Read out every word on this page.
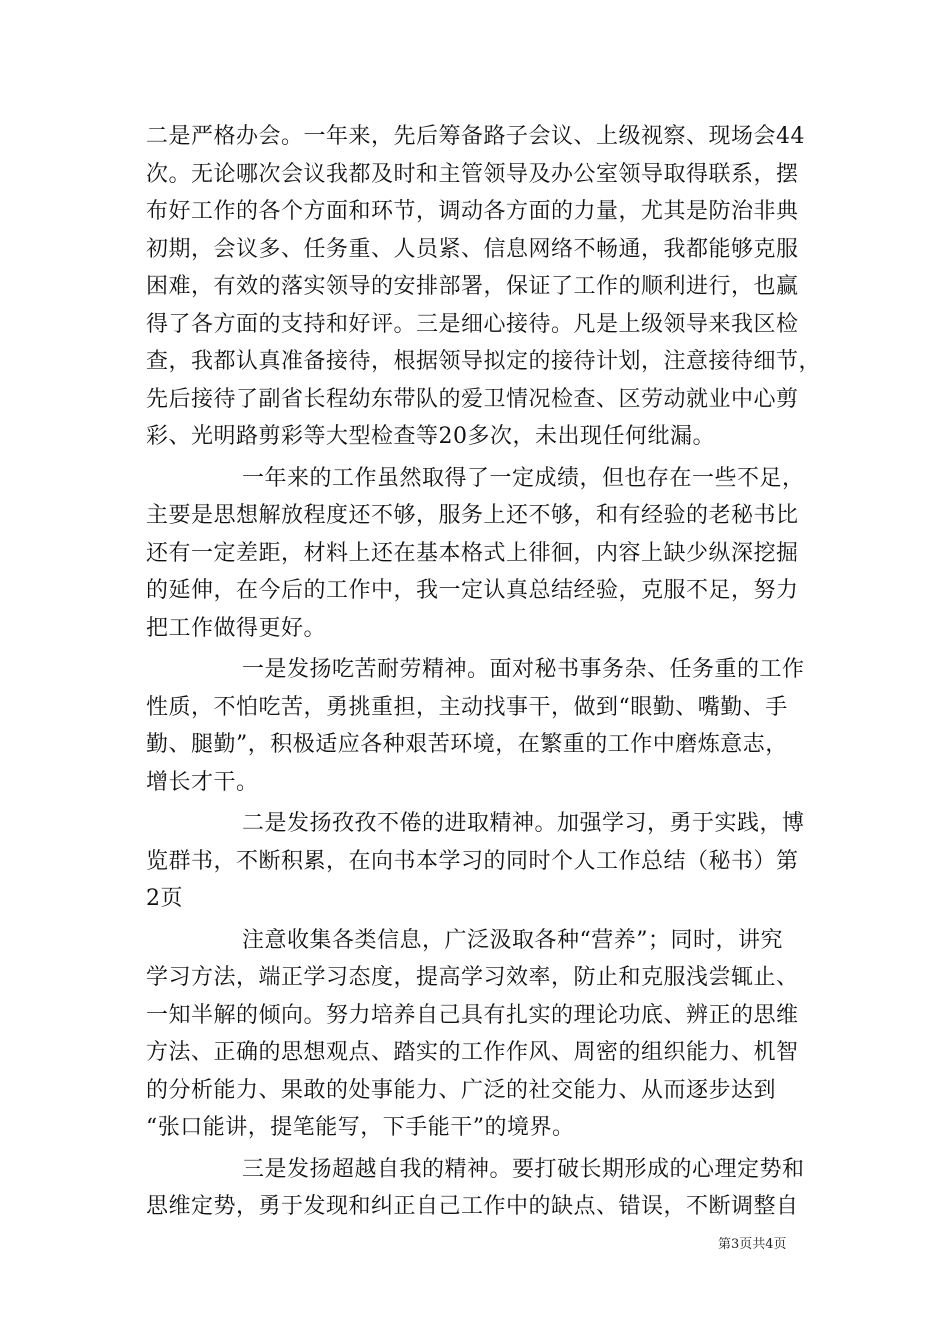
二是严格办会。一年来，先后筹备路子会议、上级视察、现场会44
次。无论哪次会议我都及时和主管领导及办公室领导取得联系，摆
布好工作的各个方面和环节，调动各方面的力量，尤其是防治非典
初期，会议多、任务重、人员紧、信息网络不畅通，我都能够克服
困难，有效的落实领导的安排部署，保证了工作的顺利进行，也赢
得了各方面的支持和好评。三是细心接待。凡是上级领导来我区检
查，我都认真准备接待，根据领导拟定的接待计划，注意接待细节，
先后接待了副省长程幼东带队的爱卫情况检查、区劳动就业中心剪
彩、光明路剪彩等大型检查等20多次，未出现任何纰漏。
一年来的工作虽然取得了一定成绩，但也存在一些不足，
主要是思想解放程度还不够，服务上还不够，和有经验的老秘书比
还有一定差距，材料上还在基本格式上徘徊，内容上缺少纵深挖掘
的延伸，在今后的工作中，我一定认真总结经验，克服不足，努力
把工作做得更好。
一是发扬吃苦耐劳精神。面对秘书事务杂、任务重的工作
性质，不怕吃苦，勇挑重担，主动找事干，做到“眼勤、嘴勤、手
勤、腿勤”，积极适应各种艰苦环境，在繁重的工作中磨炼意志，
增长才干。
二是发扬孜孜不倦的进取精神。加强学习，勇于实践，博
览群书，不断积累，在向书本学习的同时个人工作总结（秘书）第
2页
注意收集各类信息，广泛汲取各种“营养”；同时，讲究
学习方法，端正学习态度，提高学习效率，防止和克服浅尝辄止、
一知半解的倾向。努力培养自己具有扎实的理论功底、辨正的思维
方法、正确的思想观点、踏实的工作作风、周密的组织能力、机智
的分析能力、果敢的处事能力、广泛的社交能力、从而逐步达到
“张口能讲，提笔能写，下手能干”的境界。
三是发扬超越自我的精神。要打破长期形成的心理定势和
思维定势，勇于发现和纠正自己工作中的缺点、错误，不断调整自
第3页共4页
